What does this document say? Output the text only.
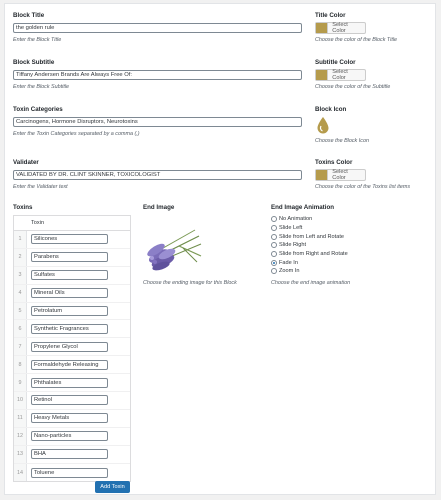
Block Title
the golden rule
Enter the Block Title
Title Color
Select Color
Choose the color of the Block Title
Block Subtitle
Tiffany Andersen Brands Are Always Free Of:
Enter the Block Subtitle
Subtitle Color
Select Color
Choose the color of the Subtitle
Toxin Categories
Carcinogens, Hormone Disruptors, Neurotoxins
Enter the Toxin Categories separated by a comma (,)
Block Icon
Choose the Block Icon
Validater
VALIDATED BY DR. CLINT SKINNER, TOXICOLOGIST
Enter the Validater text
Toxins Color
Select Color
Choose the color of the Toxins list items
Toxins
Toxin
1	Silicones
2	Parabens
3	Sulfates
4	Mineral Oils
5	Petrolatum
6	Synthetic Fragrances
7	Propylene Glycol
8	Formaldehyde Releasing
9	Phthalates
10	Retinol
11	Heavy Metals
12	Nano-particles
13	BHA
14	Toluene
Add Toxin
End Image
Choose the ending image for this Block
End Image Animation
No Animation
Slide Left
Slide from Left and Rotate
Slide Right
Slide from Right and Rotate
Fade In
Zoom In
Choose the end image animation
